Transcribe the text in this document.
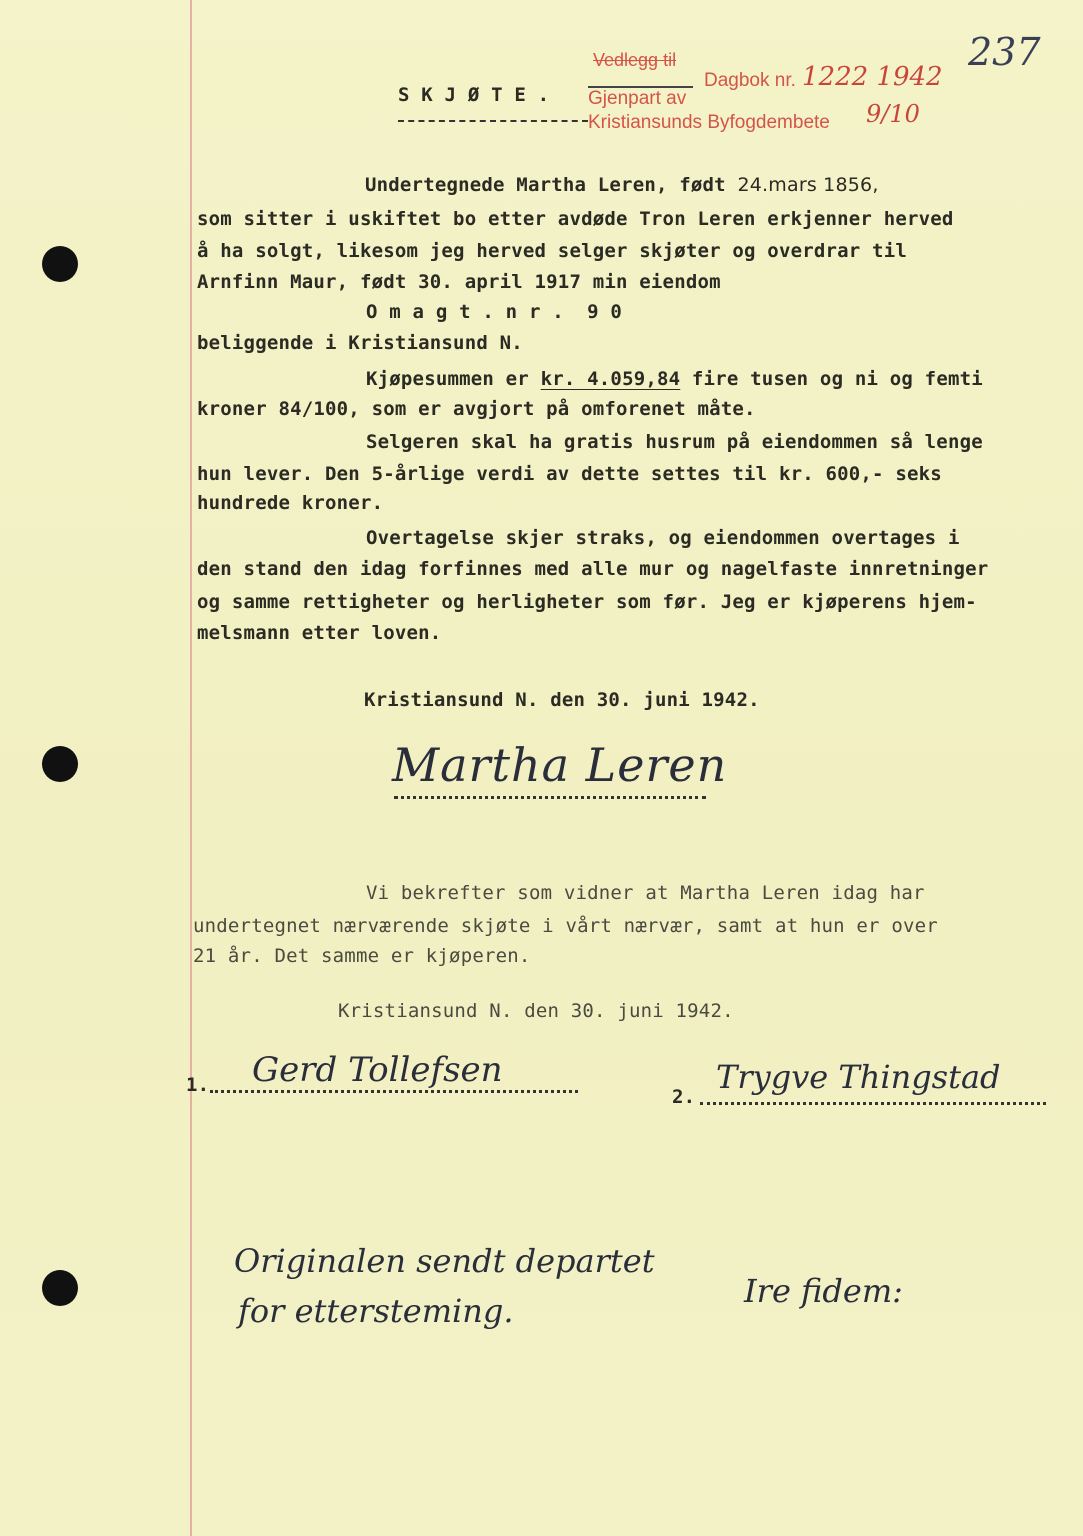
237
S K J Ø T E .
Vedlegg til
Dagbok nr. 1222 1942
Gjenpart av
Kristiansunds Byfogdembete 9/10
Undertegnede Martha Leren, født 24.mars 1856,
som sitter i uskiftet bo etter avdøde Tron Leren erkjenner herved
å ha solgt, likesom jeg herved selger skjøter og overdrar til
Arnfinn Maur, født 30. april 1917 min eiendom
O m a g t . n r .  9 0
beliggende i Kristiansund N.
Kjøpesummen er kr. 4.059,84 fire tusen og ni og femti
kroner 84/100, som er avgjort på omforenet måte.
Selgeren skal ha gratis husrum på eiendommen så lenge
hun lever. Den 5-årlige verdi av dette settes til kr. 600,- seks
hundrede kroner.
Overtagelse skjer straks, og eiendommen overtages i
den stand den idag forfinnes med alle mur og nagelfaste innretninger
og samme rettigheter og herligheter som før. Jeg er kjøperens hjem-
melsmann etter loven.
Kristiansund N. den 30. juni 1942.
Martha Leren
Vi bekrefter som vidner at Martha Leren idag har
undertegnet nærværende skjøte i vårt nærvær, samt at hun er over
21 år. Det samme er kjøperen.
Kristiansund N. den 30. juni 1942.
1. Gerd Tollefsen
2.
Trygve Thingstad
Originalen sendt departet
for ettersteming.
Ire fidem:
